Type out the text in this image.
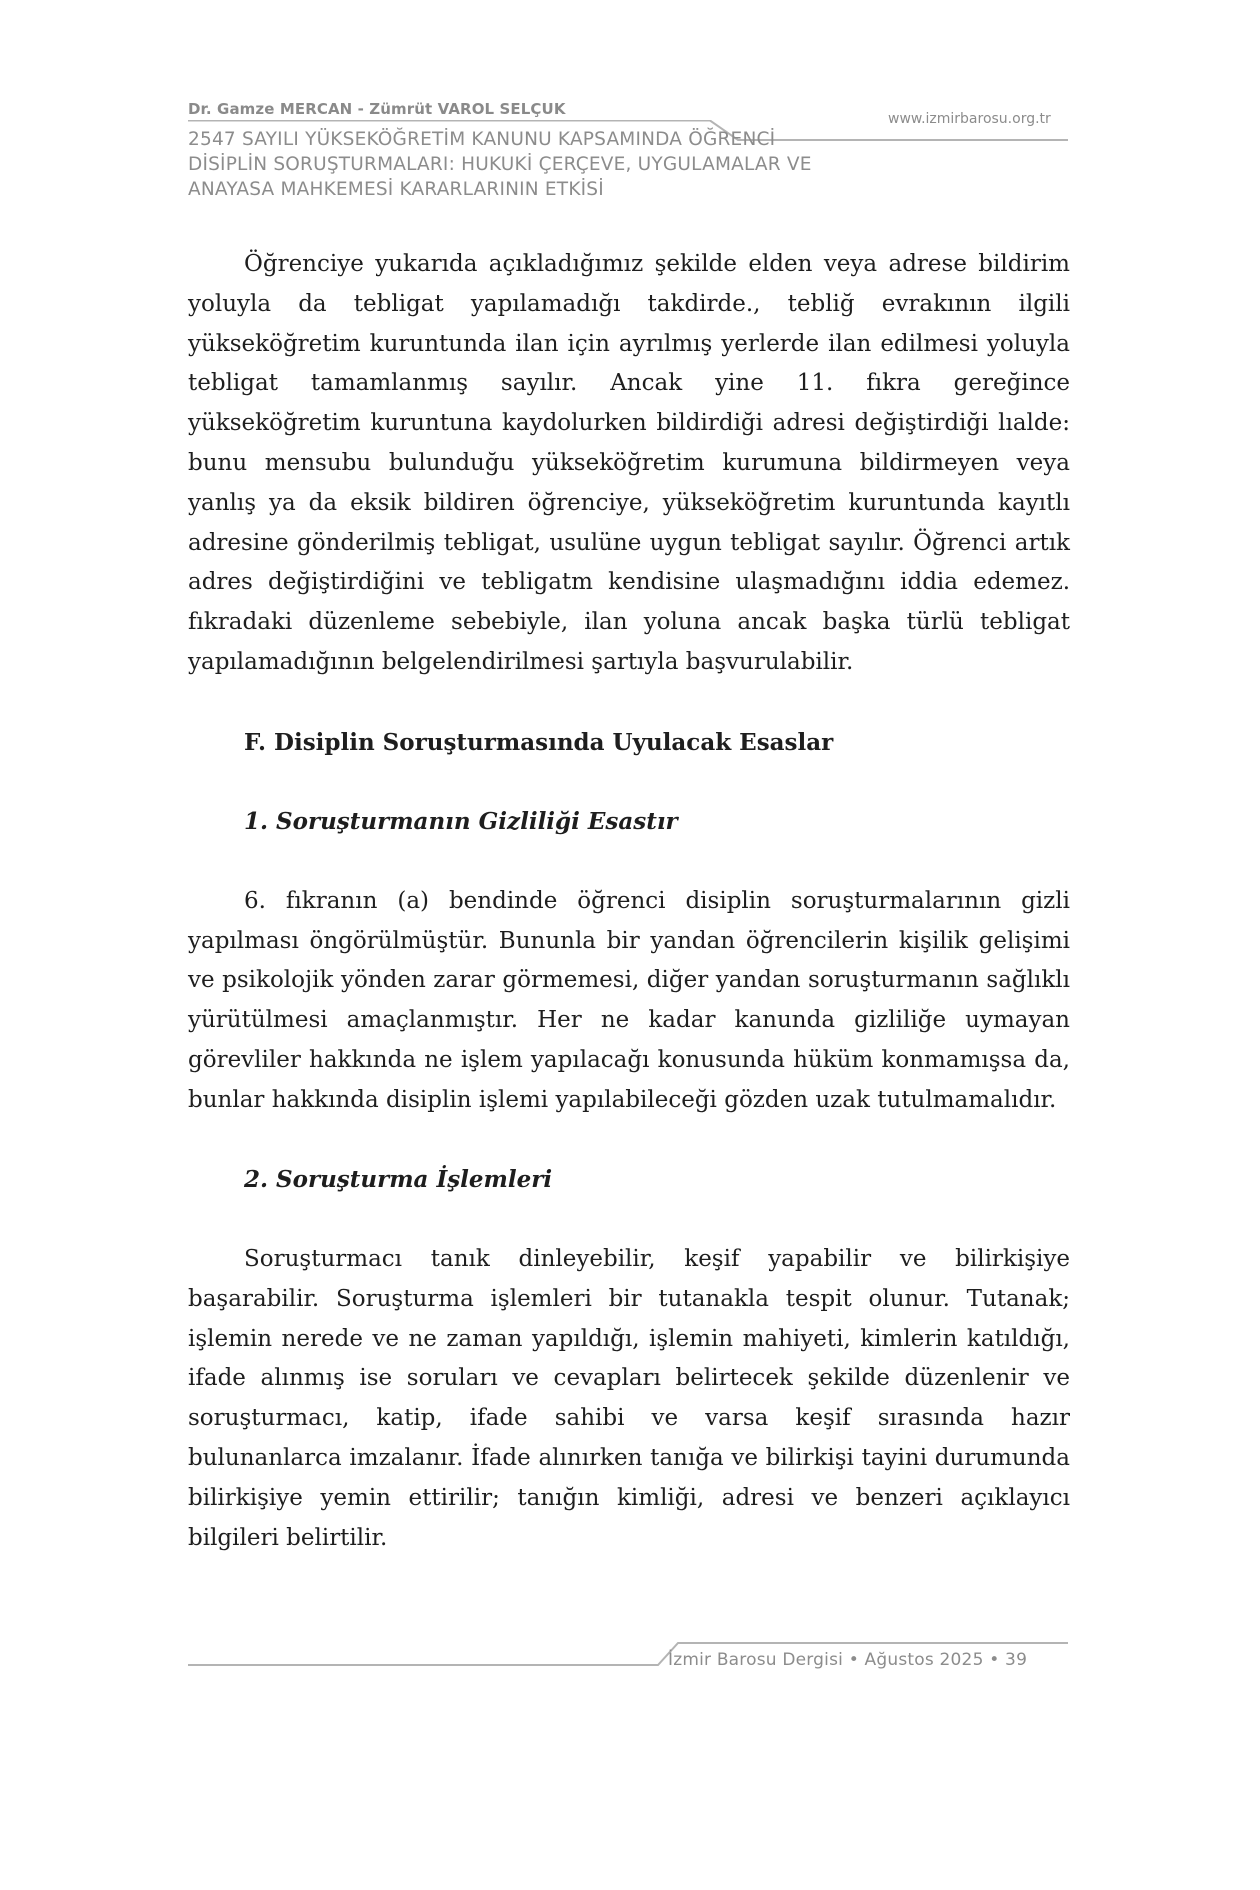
Dr. Gamze MERCAN - Zümrüt VAROL SELÇUK
www.izmirbarosu.org.tr
2547 SAYILI YÜKSEKÖĞRETİM KANUNU KAPSAMINDA ÖĞRENCİ
DİSİPLİN SORUŞTURMALARI: HUKUKİ ÇERÇEVE, UYGULAMALAR VE
ANAYASA MAHKEMESİ KARARLARININ ETKİSİ

Öğrenciye yukarıda açıkladığımız şekilde elden veya adrese bildirim yoluyla da tebligat yapılamadığı takdirde., tebliğ evrakının ilgili yükseköğretim kuruntunda ilan için ayrılmış yerlerde ilan edilmesi yoluyla tebligat tamamlanmış sayılır. Ancak yine 11. fıkra gereğince yükseköğretim kuruntuna kaydolurken bildirdiği adresi değiştirdiği lıalde: bunu mensubu bulunduğu yükseköğretim kurumuna bildirmeyen veya yanlış ya da eksik bildiren öğrenciye, yükseköğretim kuruntunda kayıtlı adresine gönderilmiş tebligat, usulüne uygun tebligat sayılır. Öğrenci artık adres değiştirdiğini ve tebligatm kendisine ulaşmadığını iddia edemez. fıkradaki düzenleme sebebiyle, ilan yoluna ancak başka türlü tebligat yapılamadığının belgelendirilmesi şartıyla başvurulabilir.

F. Disiplin Soruşturmasında Uyulacak Esaslar
1. Soruşturmanın Gizliliği Esastır

6. fıkranın (a) bendinde öğrenci disiplin soruşturmalarının gizli yapılması öngörülmüştür. Bununla bir yandan öğrencilerin kişilik gelişimi ve psikolojik yönden zarar görmemesi, diğer yandan soruşturmanın sağlıklı yürütülmesi amaçlanmıştır. Her ne kadar kanunda gizliliğe uymayan görevliler hakkında ne işlem yapılacağı konusunda hüküm konmamışsa da, bunlar hakkında disiplin işlemi yapılabileceği gözden uzak tutulmamalıdır.

2. Soruşturma İşlemleri

Soruşturmacı tanık dinleyebilir, keşif yapabilir ve bilirkişiye başarabilir. Soruşturma işlemleri bir tutanakla tespit olunur. Tutanak; işlemin nerede ve ne zaman yapıldığı, işlemin mahiyeti, kimlerin katıldığı, ifade alınmış ise soruları ve cevapları belirtecek şekilde düzenlenir ve soruşturmacı, katip, ifade sahibi ve varsa keşif sırasında hazır bulunanlarca imzalanır. İfade alınırken tanığa ve bilirkişi tayini durumunda bilirkişiye yemin ettirilir; tanığın kimliği, adresi ve benzeri açıklayıcı bilgileri belirtilir.

İzmir Barosu Dergisi • Ağustos 2025 • 39
